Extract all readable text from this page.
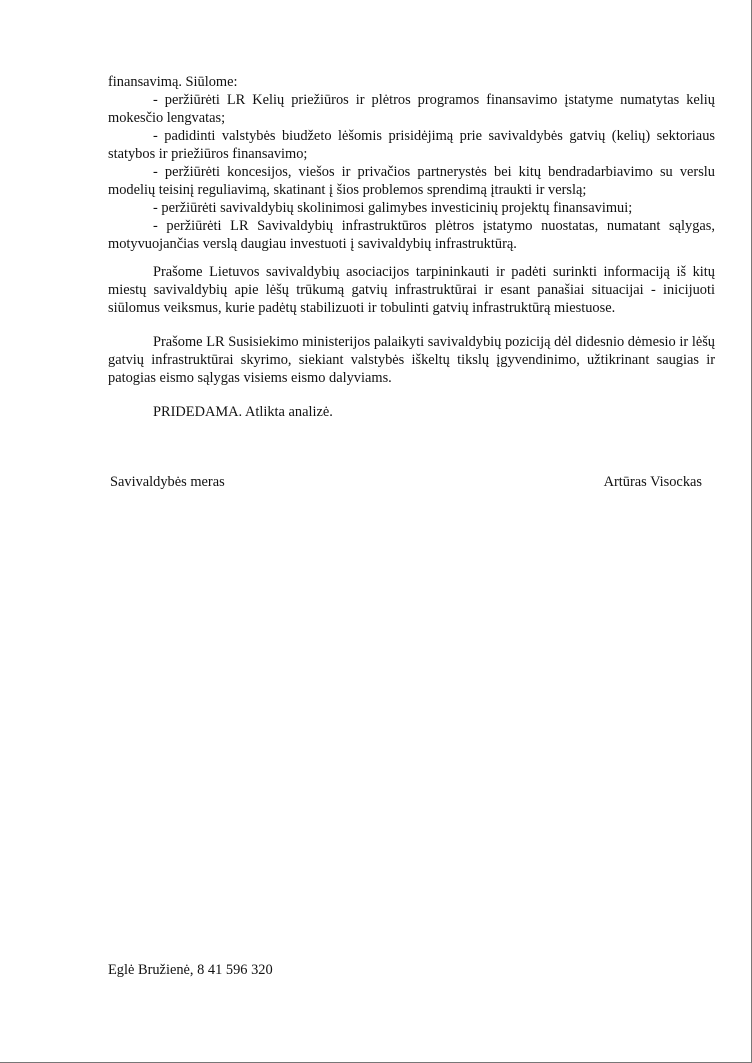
finansavimą. Siūlome:

- peržiūrėti LR Kelių priežiūros ir plėtros programos finansavimo įstatyme numatytas kelių mokesčio lengvatas;

- padidinti valstybės biudžeto lėšomis prisidėjimą prie savivaldybės gatvių (kelių) sektoriaus statybos ir priežiūros finansavimo;

- peržiūrėti koncesijos, viešos ir privačios partnerystės bei kitų bendradarbiavimo su verslu modelių teisinį reguliavimą, skatinant į šios problemos sprendimą įtraukti ir verslą;

- peržiūrėti savivaldybių skolinimosi galimybes investicinių projektų finansavimui;

- peržiūrėti LR Savivaldybių infrastruktūros plėtros įstatymo nuostatas, numatant sąlygas, motyvuojančias verslą daugiau investuoti į savivaldybių infrastruktūrą.

Prašome Lietuvos savivaldybių asociacijos tarpininkauti ir padėti surinkti informaciją iš kitų miestų savivaldybių apie lėšų trūkumą gatvių infrastruktūrai ir esant panašiai situacijai - inicijuoti siūlomus veiksmus, kurie padėtų stabilizuoti ir tobulinti gatvių infrastruktūrą miestuose.

Prašome LR Susisiekimo ministerijos palaikyti savivaldybių poziciją dėl didesnio dėmesio ir lėšų gatvių infrastruktūrai skyrimo, siekiant valstybės iškeltų tikslų įgyvendinimo, užtikrinant saugias ir patogias eismo sąlygas visiems eismo dalyviams.

PRIDEDAMA. Atlikta analizė.

Savivaldybės meras	Artūras Visockas
Eglė Bružienė, 8 41 596 320
